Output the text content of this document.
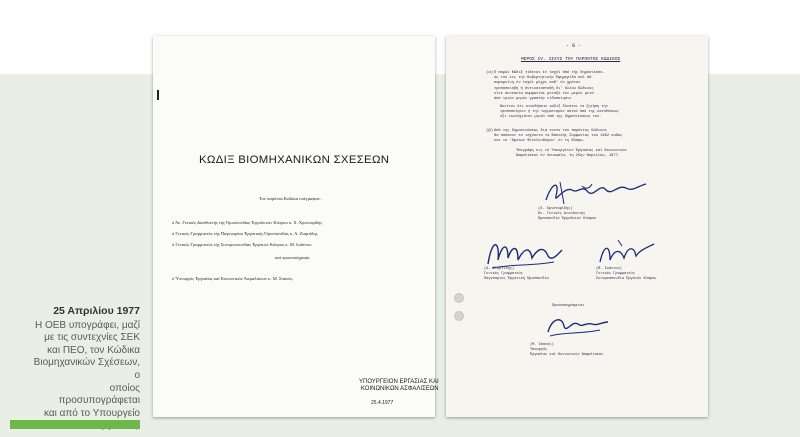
25 Απριλίου 1977
Η ΟΕΒ υπογράφει, μαζί
με τις συντεχνίες ΣΕΚ
και ΠΕΟ, τον Κώδικα
Βιομηχανικών Σχέσεων, ο
οποίος προσυπογράφεται
και από το Υπουργείο
ΚΩΔΙΞ ΒΙΟΜΗΧΑΝΙΚΩΝ ΣΧΕΣΕΩΝ
Τον παρόντα Κώδικα υπέγραψαν :
ό Άν. Γενικός Διευθυντής τής Όμοσπονδίας Έργοδοτών Κύπρου κ. Χ. Χριστοφίδης
ό Γενικός Γραμματεύς τής Παγκυπρίου Έργατικής Όμοσπονδίας κ. Α. Ζιαρτίδης
ό Γενικός Γραμματεύς τής Συνομοσπονδίας Έργατών Κύπρου κ. Μ. Ιωάννου
καί προσυπέγραψε
ό Ύπουργός Έργασίας καί Κοινωνικών Άσφαλίσεων κ. Μ. Σπανός.
ΥΠΟΥΡΓΕΙΟΝ ΕΡΓΑΣΙΑΣ ΚΑΙ
ΚΟΙΝΩΝΙΚΩΝ ΑΣΦΑΛΙΣΕΩΝ
25.4.1977
- 8 -
ΜΕΡΟΣ IV. ΙΣΧΥΣ ΤΟΥ ΠΑΡΟΝΤΟΣ ΚΩΔΙΚΟΣ
(α) Ό παρών Κῶδιξ τίθεται έν ίσχύϊ άπό τής δημοσιεύσε-
ώς του εις την Κυβερνητικήν Έφημερίδα καί θά
παραμείνη έν ίσχύϊ μέχρι καθ' όν χρόνον
τροποποιηθή ή άντικατασταθή δι' άλλου Κώδικος
είτε συνεπεία συμφωνίας μεταξύ τών μερών μετά
άπό τριών μηνών γραπτήν είδοποίησιν
Νοείται ότι οιοσδήποτε κώδιξ δύναται να ζητήση την
τροποποίησιν ή την τερματισμόν αύτού άπό της καταθέσεως
έξι τουλάχιστον μηνών άπό της δημοσιεύσεως του.
(β) Από της δημοσιεύσεως δια τουτο του παρόντος Κώδικος
θα παύσουν τα ισχύοντα τα Βασικής Συμφωνίας του 1962 καθώς
και το 'Ωραίων Φιλελευθέρων' εν τη Κύπρω.
Ύπεγράφη εις τό Ύπουργείον Έργασίας καί Κοινωνικών
Άσφαλίσεων έν Λευκωσία, τη 25ην Άπριλίου, 1977.
(Χ. Χριστοφίδης)
Άν. Γενικός Διευθυντής
Όμοσπονδία Έργοδοτών Κύπρου
(Α. Ζιαρτίδης)
Γενικός Γραμματεύς
Παγκύπριος Έργατική Όμοσπονδία
(Μ. Ιωάννου)
Γενικός Γραμματεύς
Συνομοσπονδία Έργατών Κύπρου
Προσυπογράφεται
(Μ. Σπανός)
Ύπουργός
Έργασίας καί Κοινωνικών Άσφαλίσεων
